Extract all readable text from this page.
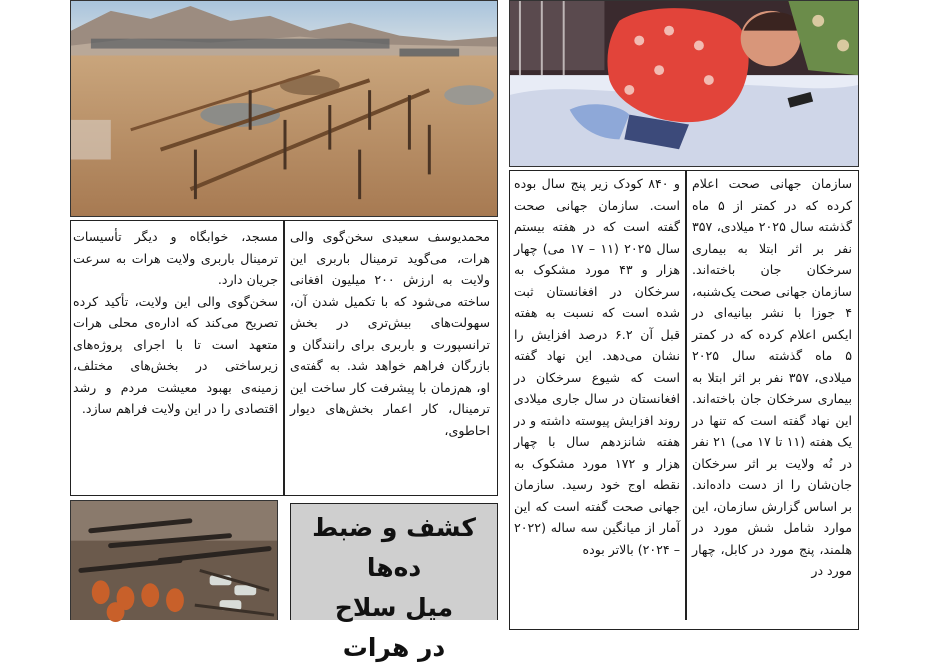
محمدیوسف سعیدی سخن‌گوی والی هرات، می‌گوید ترمینال باربری این ولایت به ارزش ۲۰۰ میلیون افغانی ساخته می‌شود که با تکمیل شدن آن، سهولت‌های بیش‌تری در بخش ترانسپورت و باربری برای رانندگان و بازرگان فراهم خواهد شد. به گفته‌ی او، هم‌زمان با پیشرفت کار ساخت این ترمینال، کار اعمار بخش‌های دیوار احاطوی،

مسجد، خوابگاه و دیگر تأسیسات ترمینال باربری ولایت هرات به سرعت جریان دارد.

سخن‌گوی والی این ولایت، تأکید کرده تصریح می‌کند که اداره‌ی محلی هرات متعهد است تا با اجرای پروژه‌های زیرساختی در بخش‌های مختلف، زمینه‌ی بهبود معیشت مردم و رشد اقتصادی را در این ولایت فراهم سازد.

کشف و ضبط ده‌ها
میل سلاح
در هرات

سازمان جهانی صحت اعلام کرده که در کمتر از ۵ ماه گذشته سال ۲۰۲۵ میلادی، ۳۵۷ نفر بر اثر ابتلا به بیماری سرخکان جان باخته‌اند. سازمان جهانی صحت یک‌شنبه، ۴ جوزا با نشر بیانیه‌ای در ایکس اعلام کرده که در کمتر ۵ ماه گذشته سال ۲۰۲۵ میلادی، ۳۵۷ نفر بر اثر ابتلا به بیماری سرخکان جان باخته‌اند. این نهاد گفته است که تنها در یک هفته (۱۱ تا ۱۷ می) ۲۱ نفر در نُه ولایت بر اثر سرخکان جان‌شان را از دست داده‌اند. بر اساس گزارش سازمان، این موارد شامل شش مورد در هلمند، پنج مورد در کابل، چهار مورد در

و ۸۴۰ کودک زیر پنج سال بوده است. سازمان جهانی صحت گفته است که در هفته بیستم سال ۲۰۲۵ (۱۱ – ۱۷ می) چهار هزار و ۴۳ مورد مشکوک به سرخکان در افغانستان ثبت شده است که نسبت به هفته قبل آن ۶.۲ درصد افزایش را نشان می‌دهد. این نهاد گفته است که شیوع سرخکان در افغانستان در سال جاری میلادی روند افزایش پیوسته داشته و در هفته شانزدهم سال با چهار هزار و ۱۷۲ مورد مشکوک به نقطه اوج خود رسید. سازمان جهانی صحت گفته است که این آمار از میانگین سه ساله (۲۰۲۲ – ۲۰۲۴) بالاتر بوده
